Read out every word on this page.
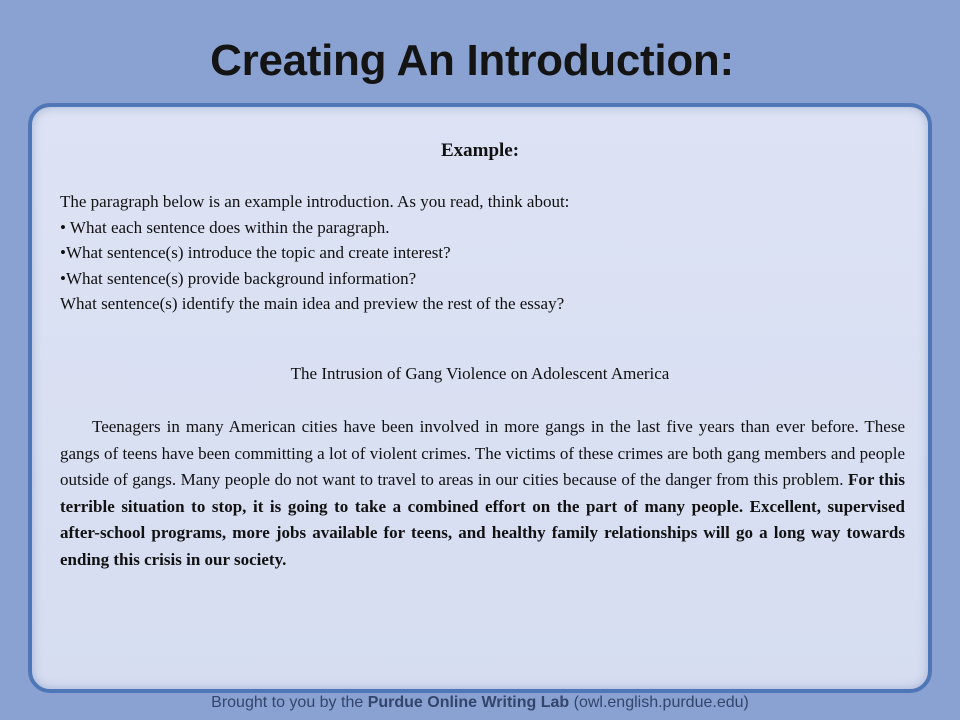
Creating An Introduction:
Example:
The paragraph below is an example introduction. As you read, think about:
• What each sentence does within the paragraph.
•What sentence(s) introduce the topic and create interest?
•What sentence(s) provide background information?
What sentence(s) identify the main idea and preview the rest of the essay?
The Intrusion of Gang Violence on Adolescent America

Teenagers in many American cities have been involved in more gangs in the last five years than ever before. These gangs of teens have been committing a lot of violent crimes. The victims of these crimes are both gang members and people outside of gangs. Many people do not want to travel to areas in our cities because of the danger from this problem. For this terrible situation to stop, it is going to take a combined effort on the part of many people. Excellent, supervised after-school programs, more jobs available for teens, and healthy family relationships will go a long way towards ending this crisis in our society.

Brought to you by the Purdue Online Writing Lab (owl.english.purdue.edu)
